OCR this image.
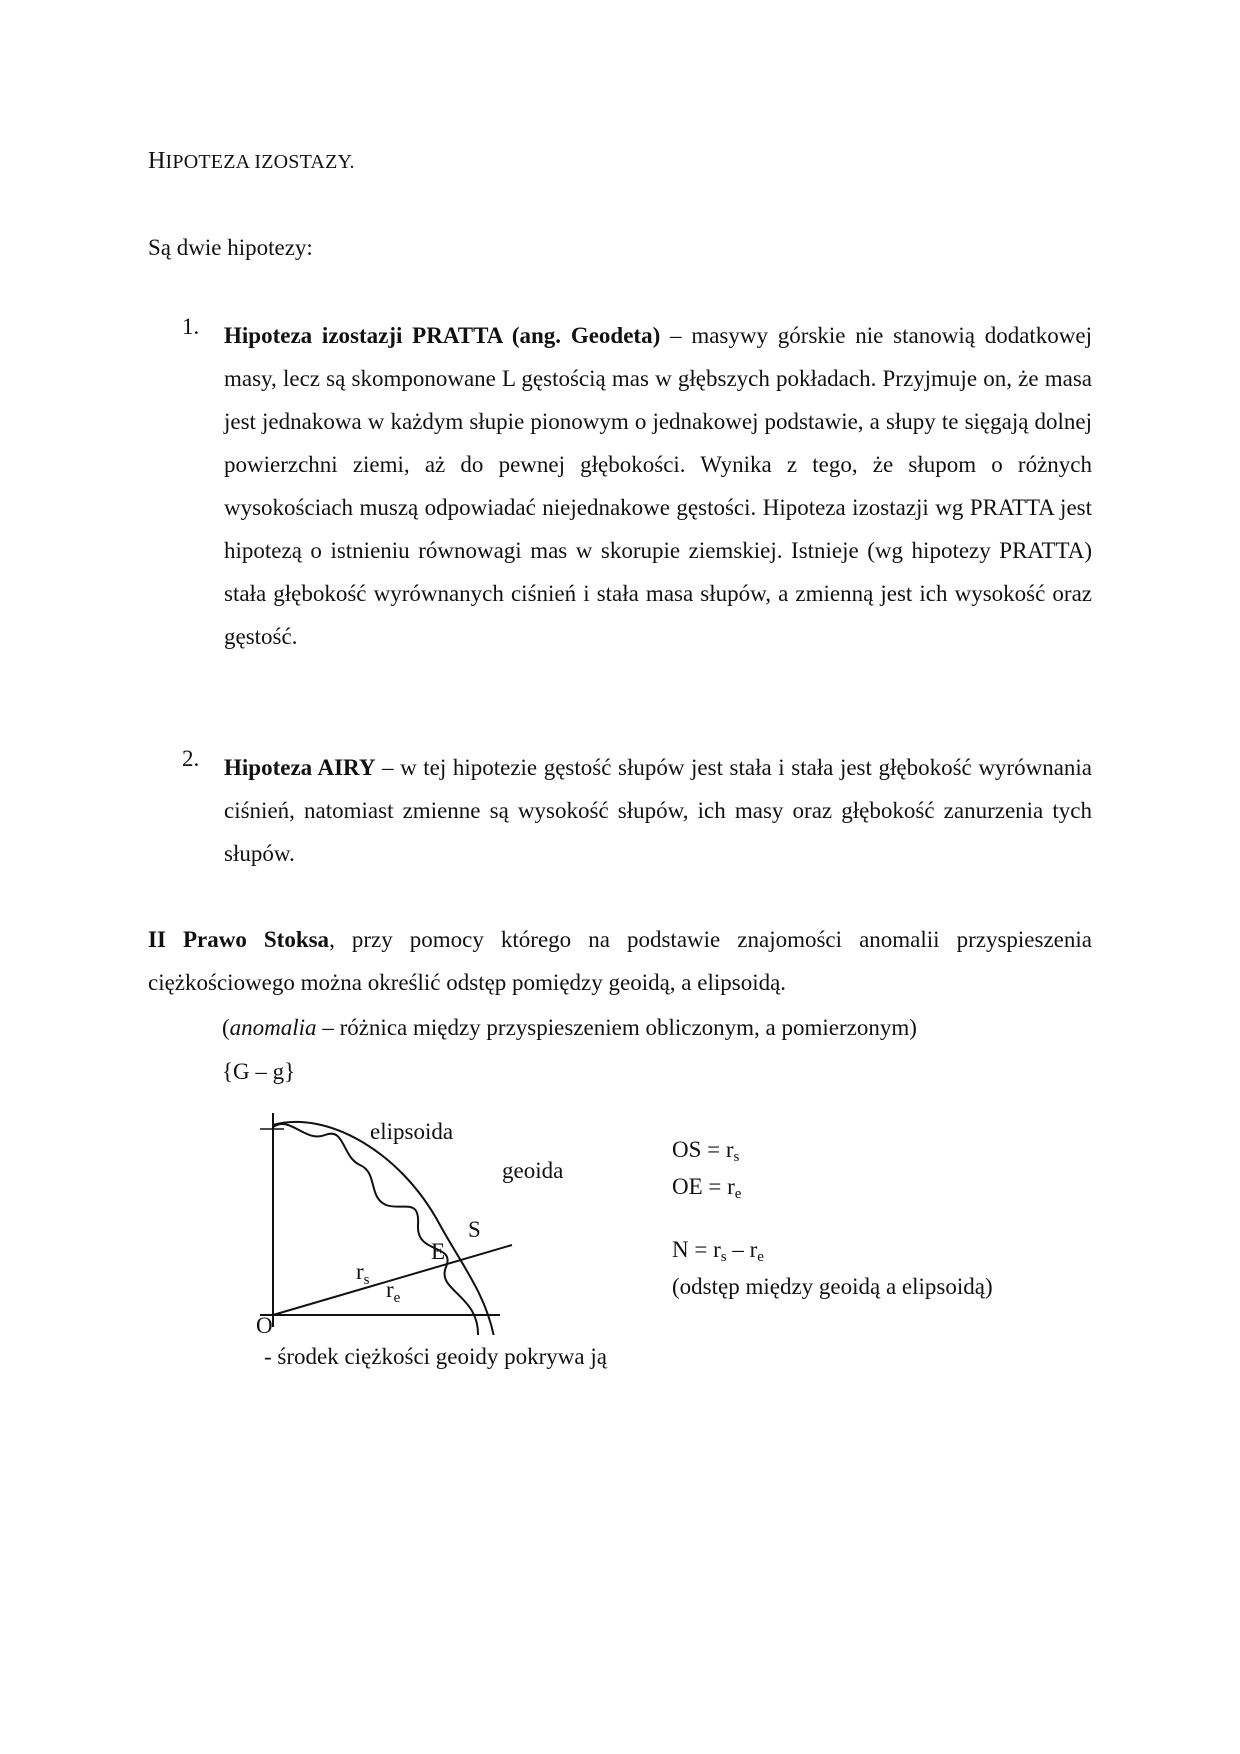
HIPOTEZA IZOSTAZY.
Są dwie hipotezy:
1. Hipoteza izostazji PRATTA (ang. Geodeta) – masywy górskie nie stanowią dodatkowej masy, lecz są skomponowane L gęstością mas w głębszych pokładach. Przyjmuje on, że masa jest jednakowa w każdym słupie pionowym o jednakowej podstawie, a słupy te sięgają dolnej powierzchni ziemi, aż do pewnej głębokości. Wynika z tego, że słupom o różnych wysokościach muszą odpowiadać niejednakowe gęstości. Hipoteza izostazji wg PRATTA jest hipotezą o istnieniu równowagi mas w skorupie ziemskiej. Istnieje (wg hipotezy PRATTA) stała głębokość wyrównanych ciśnień i stała masa słupów, a zmienną jest ich wysokość oraz gęstość.
2. Hipoteza AIRY – w tej hipotezie gęstość słupów jest stała i stała jest głębokość wyrównania ciśnień, natomiast zmienne są wysokość słupów, ich masy oraz głębokość zanurzenia tych słupów.
II Prawo Stoksa, przy pomocy którego na podstawie znajomości anomalii przyspieszenia ciężkościowego można określić odstęp pomiędzy geoidą, a elipsoidą.
(anomalia – różnica między przyspieszeniem obliczonym, a pomierzonym)
{G – g}
elipsoida
geoida
E
S
O
$r_s$ $r_e$
OS = $r_s$
OE = $r_e$
$N = r_s - r_e$
(odstęp między geoidą a elipsoidą)
- środek ciężkości geoidy pokrywa ją
